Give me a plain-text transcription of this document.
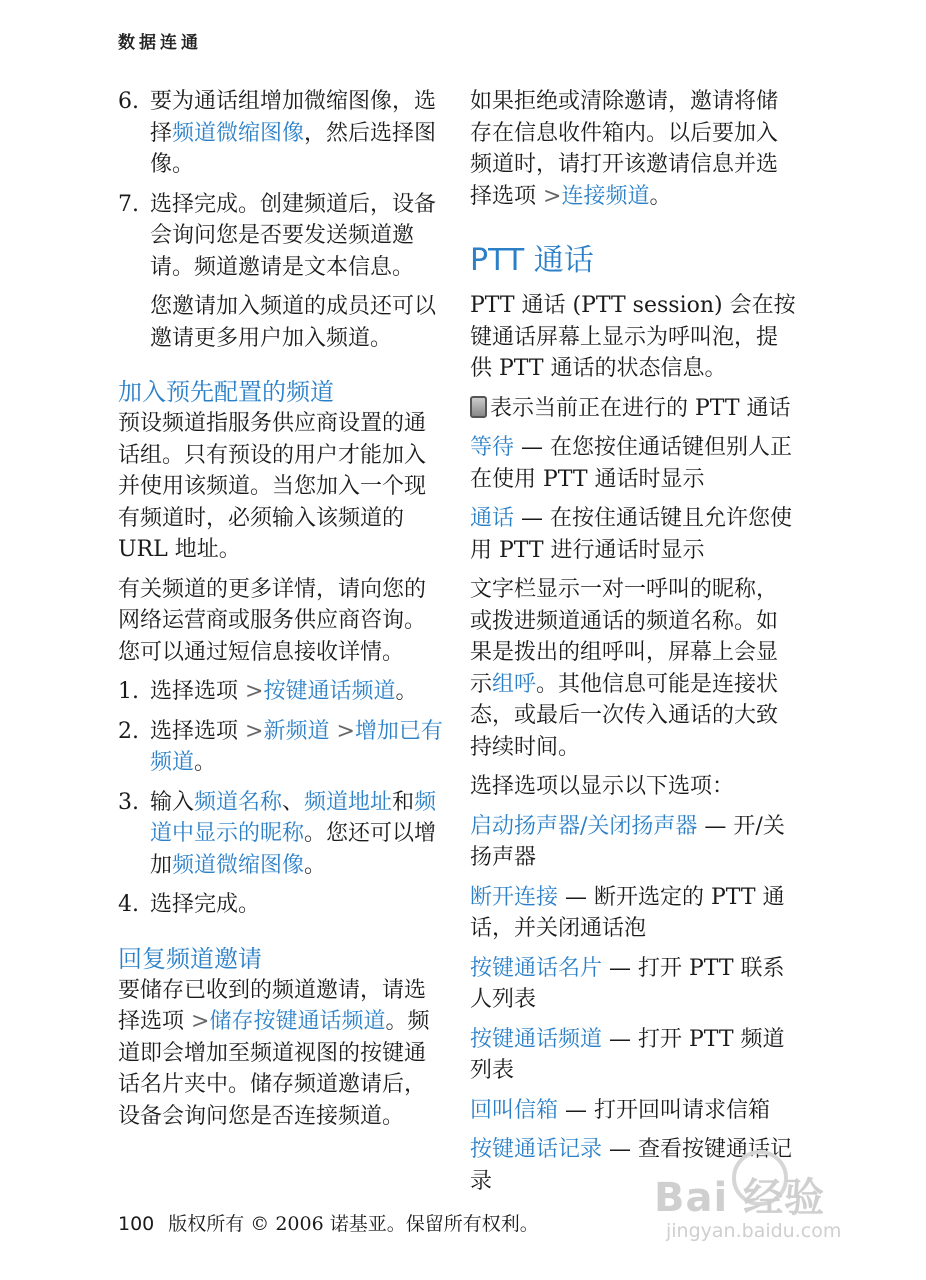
数据连通
6. 要为通话组增加微缩图像，选择频道微缩图像，然后选择图像。
7. 选择完成。创建频道后，设备会询问您是否要发送频道邀请。频道邀请是文本信息。

您邀请加入频道的成员还可以邀请更多用户加入频道。

加入预先配置的频道

预设频道指服务供应商设置的通话组。只有预设的用户才能加入并使用该频道。当您加入一个现有频道时，必须输入该频道的 URL 地址。

有关频道的更多详情，请向您的网络运营商或服务供应商咨询。您可以通过短信息接收详情。

1. 选择选项 >按键通话频道。
2. 选择选项 >新频道 >增加已有频道。
3. 输入频道名称、频道地址和频道中显示的昵称。您还可以增加频道微缩图像。
4. 选择完成。
回复频道邀请

要储存已收到的频道邀请，请选择选项 >储存按键通话频道。频道即会增加至频道视图的按键通话名片夹中。储存频道邀请后，设备会询问您是否连接频道。

如果拒绝或清除邀请，邀请将储存在信息收件箱内。以后要加入频道时，请打开该邀请信息并选择选项 >连接频道。

PTT 通话

PTT 通话 (PTT session) 会在按键通话屏幕上显示为呼叫泡，提供 PTT 通话的状态信息。

表示当前正在进行的 PTT 通话

等待 — 在您按住通话键但别人正在使用 PTT 通话时显示

通话 — 在按住通话键且允许您使用 PTT 进行通话时显示

文字栏显示一对一呼叫的昵称，或拨进频道通话的频道名称。如果是拨出的组呼叫，屏幕上会显示组呼。其他信息可能是连接状态，或最后一次传入通话的大致持续时间。

选择选项以显示以下选项：

启动扬声器/关闭扬声器 — 开/关扬声器

断开连接 — 断开选定的 PTT 通话，并关闭通话泡

按键通话名片 — 打开 PTT 联系人列表

按键通话频道 — 打开 PTT 频道列表

回叫信箱 — 打开回叫请求信箱

按键通话记录 — 查看按键通话记录	Bai 经验
jingyan.baidu.com
100 版权所有 © 2006 诺基亚。保留所有权利。
